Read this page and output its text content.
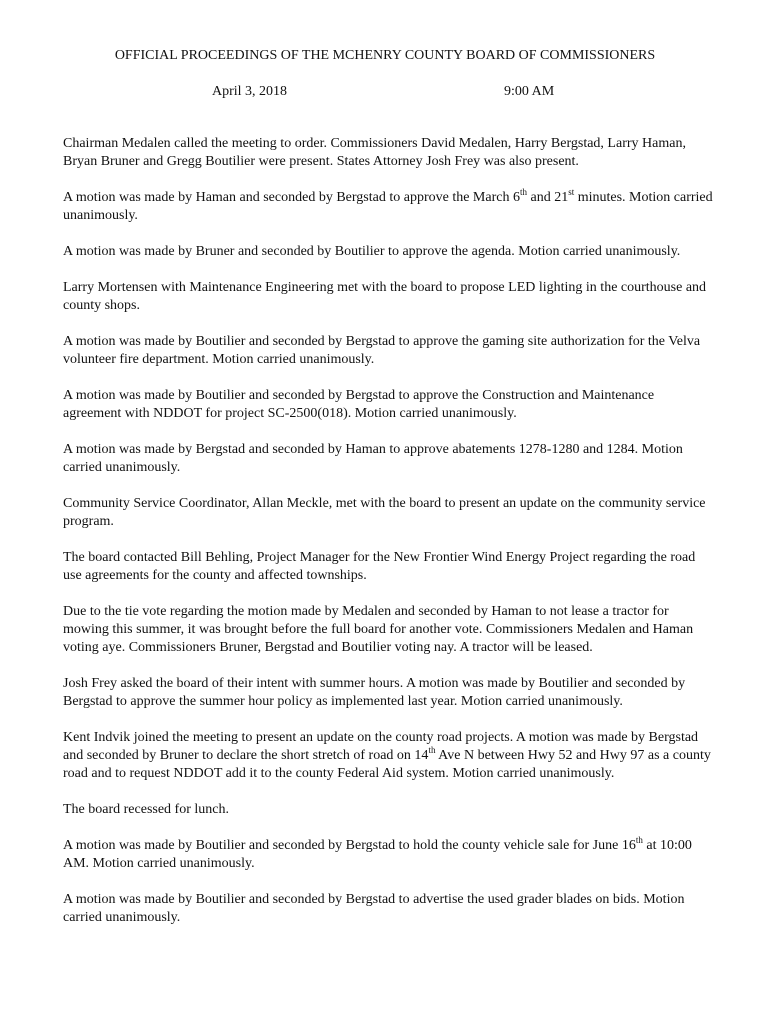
OFFICIAL PROCEEDINGS OF THE MCHENRY COUNTY BOARD OF COMMISSIONERS
April 3, 2018	9:00 AM

Chairman Medalen called the meeting to order. Commissioners David Medalen, Harry Bergstad, Larry Haman, Bryan Bruner and Gregg Boutilier were present. States Attorney Josh Frey was also present.

A motion was made by Haman and seconded by Bergstad to approve the March 6th and 21st minutes. Motion carried unanimously.

A motion was made by Bruner and seconded by Boutilier to approve the agenda. Motion carried unanimously.

Larry Mortensen with Maintenance Engineering met with the board to propose LED lighting in the courthouse and county shops.

A motion was made by Boutilier and seconded by Bergstad to approve the gaming site authorization for the Velva volunteer fire department. Motion carried unanimously.

A motion was made by Boutilier and seconded by Bergstad to approve the Construction and Maintenance agreement with NDDOT for project SC-2500(018). Motion carried unanimously.

A motion was made by Bergstad and seconded by Haman to approve abatements 1278-1280 and 1284. Motion carried unanimously.

Community Service Coordinator, Allan Meckle, met with the board to present an update on the community service program.

The board contacted Bill Behling, Project Manager for the New Frontier Wind Energy Project regarding the road use agreements for the county and affected townships.

Due to the tie vote regarding the motion made by Medalen and seconded by Haman to not lease a tractor for mowing this summer, it was brought before the full board for another vote. Commissioners Medalen and Haman voting aye. Commissioners Bruner, Bergstad and Boutilier voting nay. A tractor will be leased.

Josh Frey asked the board of their intent with summer hours. A motion was made by Boutilier and seconded by Bergstad to approve the summer hour policy as implemented last year. Motion carried unanimously.

Kent Indvik joined the meeting to present an update on the county road projects. A motion was made by Bergstad and seconded by Bruner to declare the short stretch of road on 14th Ave N between Hwy 52 and Hwy 97 as a county road and to request NDDOT add it to the county Federal Aid system. Motion carried unanimously.

The board recessed for lunch.

A motion was made by Boutilier and seconded by Bergstad to hold the county vehicle sale for June 16th at 10:00 AM. Motion carried unanimously.

A motion was made by Boutilier and seconded by Bergstad to advertise the used grader blades on bids. Motion carried unanimously.
